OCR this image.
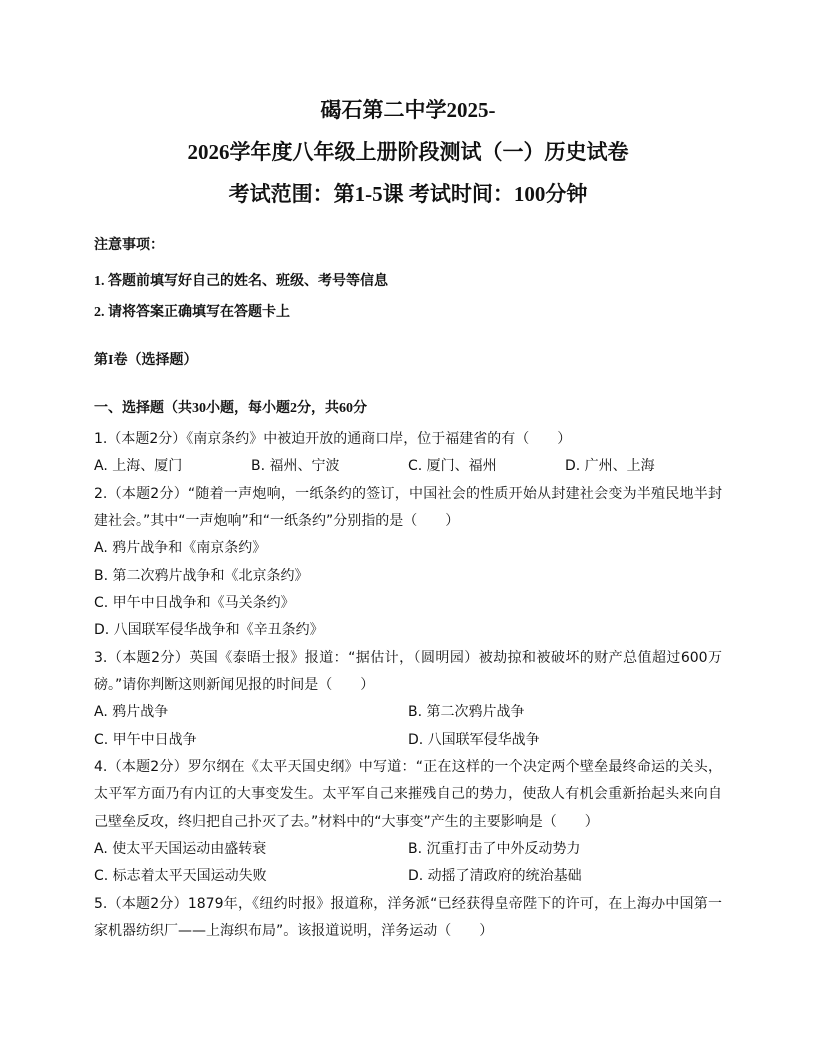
碣石第二中学2025-
2026学年度八年级上册阶段测试（一）历史试卷
考试范围：第1-5课 考试时间：100分钟
注意事项：
1. 答题前填写好自己的姓名、班级、考号等信息
2. 请将答案正确填写在答题卡上
第I卷（选择题）
一、选择题（共30小题，每小题2分，共60分

1.（本题2分）《南京条约》中被迫开放的通商口岸，位于福建省的有（　　）

A. 上海、厦门	B. 福州、宁波	C. 厦门、福州	D. 广州、上海

2.（本题2分）“随着一声炮响，一纸条约的签订，中国社会的性质开始从封建社会变为半殖民地半封建社会。”其中“一声炮响”和“一纸条约”分别指的是（　　）

A. 鸦片战争和《南京条约》
B. 第二次鸦片战争和《北京条约》
C. 甲午中日战争和《马关条约》
D. 八国联军侵华战争和《辛丑条约》

3.（本题2分）英国《泰晤士报》报道：“据估计，（圆明园）被劫掠和被破坏的财产总值超过600万磅。”请你判断这则新闻见报的时间是（　　）

A. 鸦片战争	B. 第二次鸦片战争
C. 甲午中日战争	D. 八国联军侵华战争

4.（本题2分）罗尔纲在《太平天国史纲》中写道：“正在这样的一个决定两个壁垒最终命运的关头，太平军方面乃有内讧的大事变发生。太平军自己来摧残自己的势力，使敌人有机会重新抬起头来向自己壁垒反攻，终归把自己扑灭了去。”材料中的“大事变”产生的主要影响是（　　）

A. 使太平天国运动由盛转衰	B. 沉重打击了中外反动势力
C. 标志着太平天国运动失败	D. 动摇了清政府的统治基础

5.（本题2分）1879年，《纽约时报》报道称，洋务派“已经获得皇帝陛下的许可，在上海办中国第一家机器纺织厂——上海织布局”。该报道说明，洋务运动（　　）
